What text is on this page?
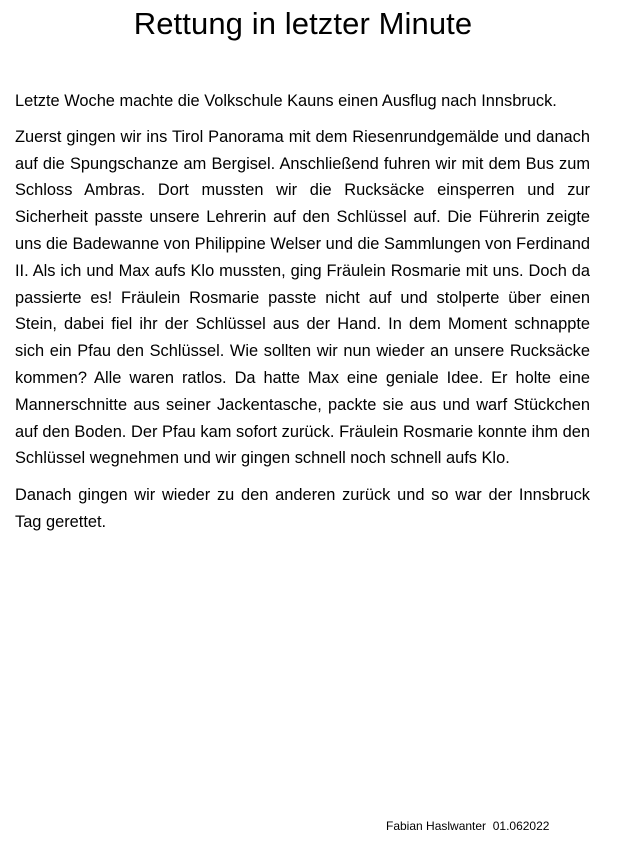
Rettung in letzter Minute

Letzte Woche machte die Volkschule Kauns einen Ausflug nach Innsbruck.

Zuerst gingen wir ins Tirol Panorama mit dem Riesenrundgemälde und danach auf die Spungschanze am Bergisel. Anschließend fuhren wir mit dem Bus zum Schloss Ambras. Dort mussten wir die Rucksäcke einsperren und zur Sicherheit passte unsere Lehrerin auf den Schlüssel auf. Die Führerin zeigte uns die Badewanne von Philippine Welser und die Sammlungen von Ferdinand II. Als ich und Max aufs Klo mussten, ging Fräulein Rosmarie mit uns. Doch da passierte es! Fräulein Rosmarie passte nicht auf und stolperte über einen Stein, dabei fiel ihr der Schlüssel aus der Hand. In dem Moment schnappte sich ein Pfau den Schlüssel. Wie sollten wir nun wieder an unsere Rucksäcke kommen? Alle waren ratlos. Da hatte Max eine geniale Idee. Er holte eine Mannerschnitte aus seiner Jackentasche, packte sie aus und warf Stückchen auf den Boden. Der Pfau kam sofort zurück. Fräulein Rosmarie konnte ihm den Schlüssel wegnehmen und wir gingen schnell noch schnell aufs Klo.

Danach gingen wir wieder zu den anderen zurück und so war der Innsbruck Tag gerettet.

Fabian Haslwanter  01.062022
